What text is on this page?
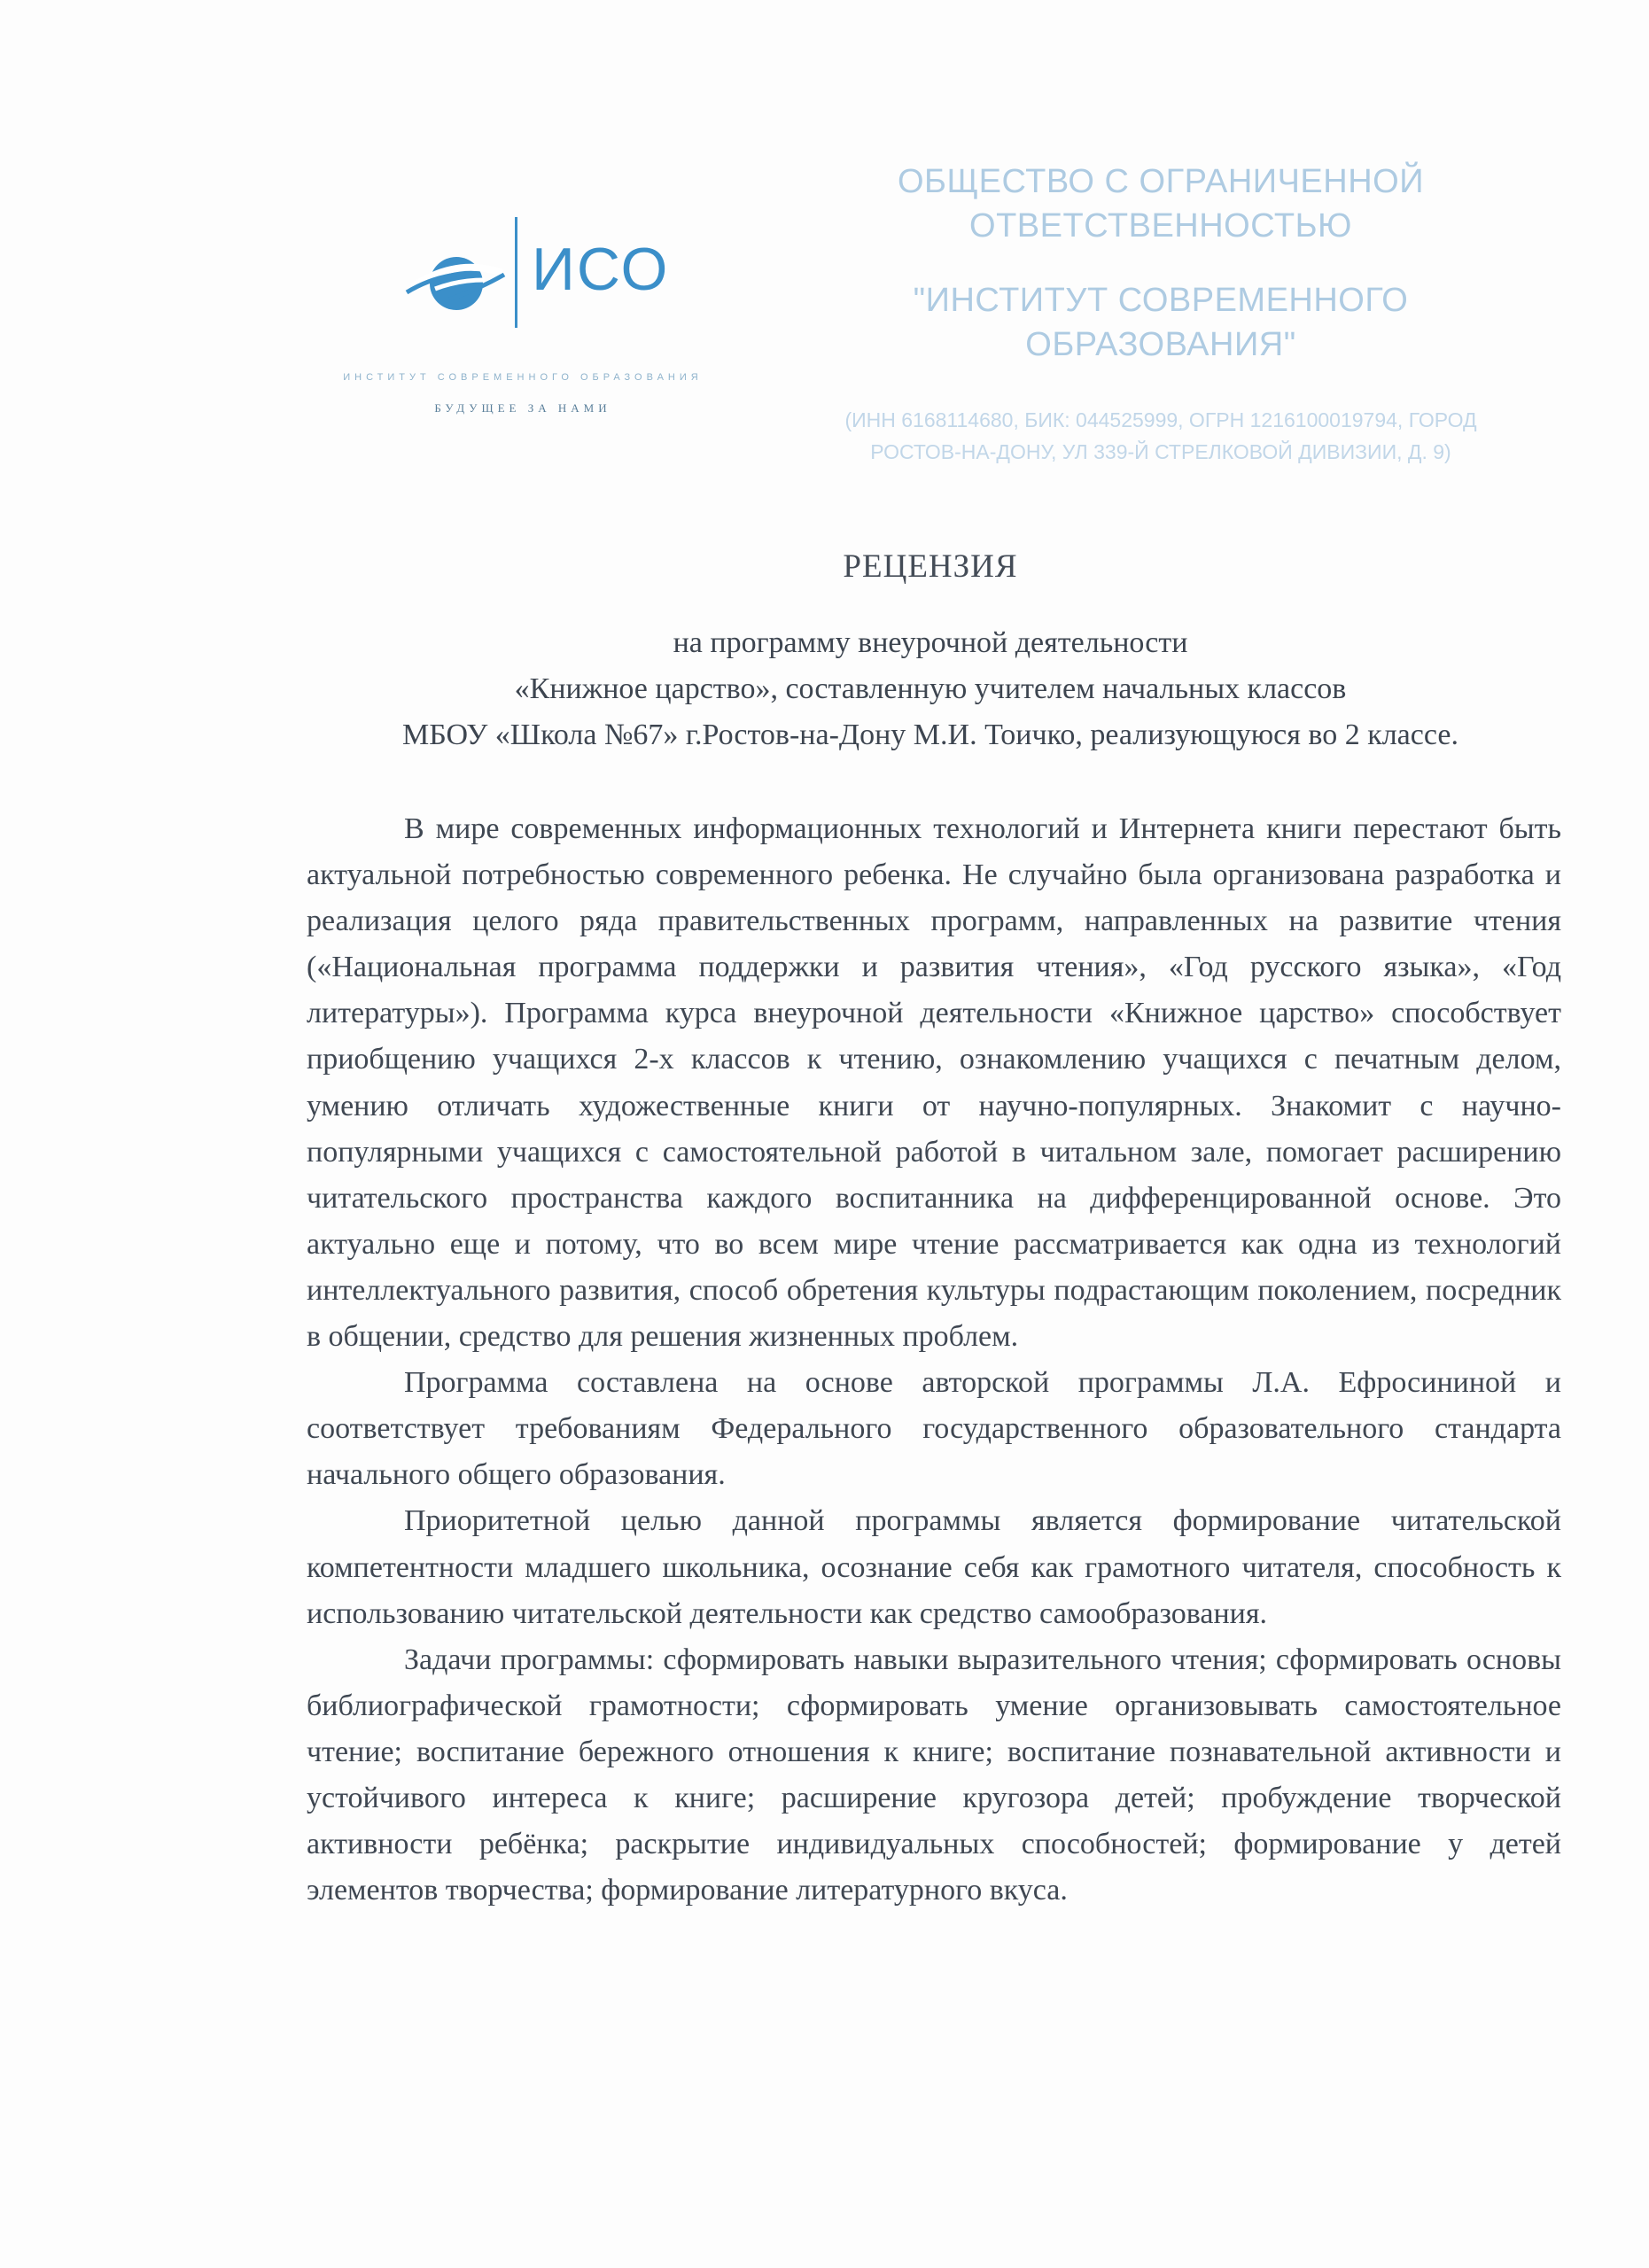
ИСО
ИНСТИТУТ СОВРЕМЕННОГО ОБРАЗОВАНИЯ
БУДУЩЕЕ ЗА НАМИ
ОБЩЕСТВО С ОГРАНИЧЕННОЙ
ОТВЕТСТВЕННОСТЬЮ
"ИНСТИТУТ СОВРЕМЕННОГО
ОБРАЗОВАНИЯ"
(ИНН 6168114680, БИК: 044525999, ОГРН 1216100019794, ГОРОД
РОСТОВ-НА-ДОНУ, УЛ 339-Й СТРЕЛКОВОЙ ДИВИЗИИ, Д. 9)
РЕЦЕНЗИЯ
на программу внеурочной деятельности
«Книжное царство», составленную учителем начальных классов
МБОУ «Школа №67» г.Ростов-на-Дону М.И. Тоичко, реализующуюся во 2 классе.

В мире современных информационных технологий и Интернета книги перестают быть актуальной потребностью современного ребенка. Не случайно была организована разработка и реализация целого ряда правительственных программ, направленных на развитие чтения («Национальная программа поддержки и развития чтения», «Год русского языка», «Год литературы»). Программа курса внеурочной деятельности «Книжное царство» способствует приобщению учащихся 2-х классов к чтению, ознакомлению учащихся с печатным делом, умению отличать художественные книги от научно-популярных. Знакомит с научно-популярными учащихся с самостоятельной работой в читальном зале, помогает расширению читательского пространства каждого воспитанника на дифференцированной основе. Это актуально еще и потому, что во всем мире чтение рассматривается как одна из технологий интеллектуального развития, способ обретения культуры подрастающим поколением, посредник в общении, средство для решения жизненных проблем.

Программа составлена на основе авторской программы Л.А. Ефросининой и соответствует требованиям Федерального государственного образовательного стандарта начального общего образования.

Приоритетной целью данной программы является формирование читательской компетентности младшего школьника, осознание себя как грамотного читателя, способность к использованию читательской деятельности как средство самообразования.

Задачи программы: сформировать навыки выразительного чтения; сформировать основы библиографической грамотности; сформировать умение организовывать самостоятельное чтение; воспитание бережного отношения к книге; воспитание познавательной активности и устойчивого интереса к книге; расширение кругозора детей; пробуждение творческой активности ребёнка; раскрытие индивидуальных способностей; формирование у детей элементов творчества; формирование литературного вкуса.
